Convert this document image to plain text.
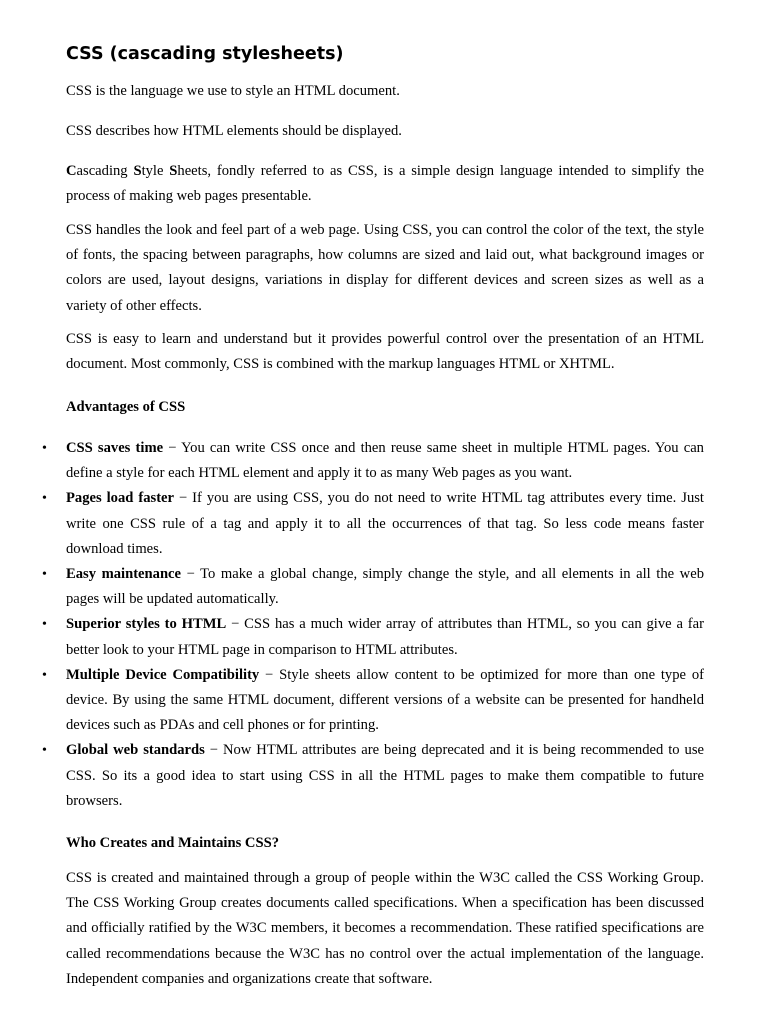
CSS (cascading stylesheets)

CSS is the language we use to style an HTML document.

CSS describes how HTML elements should be displayed.

Cascading Style Sheets, fondly referred to as CSS, is a simple design language intended to simplify the process of making web pages presentable.

CSS handles the look and feel part of a web page. Using CSS, you can control the color of the text, the style of fonts, the spacing between paragraphs, how columns are sized and laid out, what background images or colors are used, layout designs, variations in display for different devices and screen sizes as well as a variety of other effects.

CSS is easy to learn and understand but it provides powerful control over the presentation of an HTML document. Most commonly, CSS is combined with the markup languages HTML or XHTML.

Advantages of CSS
• CSS saves time − You can write CSS once and then reuse same sheet in multiple HTML pages. You can define a style for each HTML element and apply it to as many Web pages as you want.
• Pages load faster − If you are using CSS, you do not need to write HTML tag attributes every time. Just write one CSS rule of a tag and apply it to all the occurrences of that tag. So less code means faster download times.
• Easy maintenance − To make a global change, simply change the style, and all elements in all the web pages will be updated automatically.
• Superior styles to HTML − CSS has a much wider array of attributes than HTML, so you can give a far better look to your HTML page in comparison to HTML attributes.
• Multiple Device Compatibility − Style sheets allow content to be optimized for more than one type of device. By using the same HTML document, different versions of a website can be presented for handheld devices such as PDAs and cell phones or for printing.
• Global web standards − Now HTML attributes are being deprecated and it is being recommended to use CSS. So its a good idea to start using CSS in all the HTML pages to make them compatible to future browsers.
Who Creates and Maintains CSS?

CSS is created and maintained through a group of people within the W3C called the CSS Working Group. The CSS Working Group creates documents called specifications. When a specification has been discussed and officially ratified by the W3C members, it becomes a recommendation. These ratified specifications are called recommendations because the W3C has no control over the actual implementation of the language. Independent companies and organizations create that software.
